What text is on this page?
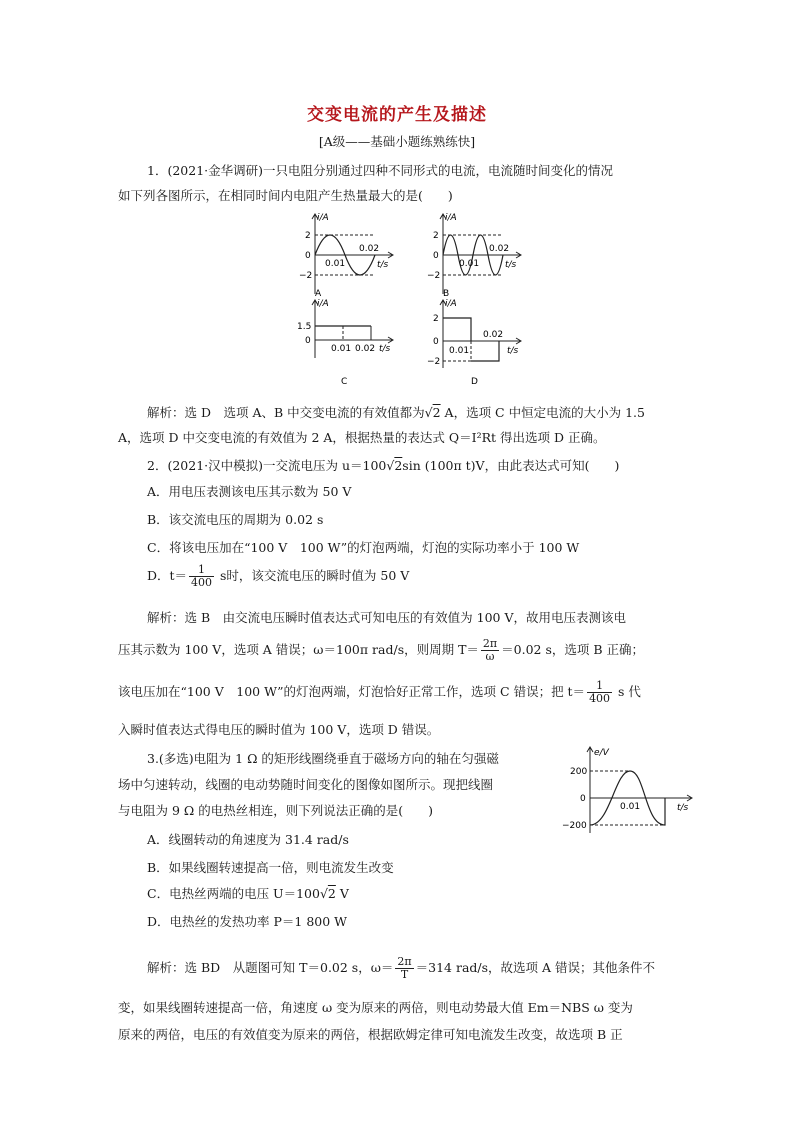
交变电流的产生及描述
[A级——基础小题练熟练快]
1．(2021·金华调研)一只电阻分别通过四种不同形式的电流，电流随时间变化的情况
如下列各图所示，在相同时间内电阻产生热量最大的是(　　)
i/A
2
0
−2
0.01
0.02
t/s
A
i/A
2
0
−2
0.01
0.02
t/s
B
i/A
1.5
0
0.01 0.02 t/s
C
i/A
2
0
−2
0.01
0.02
t/s
D
解析：选 D　选项 A、B 中交变电流的有效值都为√2 A，选项 C 中恒定电流的大小为 1.5
A，选项 D 中交变电流的有效值为 2 A，根据热量的表达式 Q＝I²Rt 得出选项 D 正确。
2．(2021·汉中模拟)一交流电压为 u＝100√2sin (100π t)V，由此表达式可知(　　)
A．用电压表测该电压其示数为 50 V
B．该交流电压的周期为 0.02 s
C．将该电压加在“100 V　100 W”的灯泡两端，灯泡的实际功率小于 100 W
D．$t= \frac{1}{400}$ s时，该交流电压的瞬时值为 50 V
解析：选 B　由交流电压瞬时值表达式可知电压的有效值为 100 V，故用电压表测该电
压其示数为 100 V，选项 A 错误；ω＝100π rad/s，则周期 $T= \frac{2\pi}{\omega} =0.02$ s，选项 B 正确；
该电压加在“100 V　100 W”的灯泡两端，灯泡恰好正常工作，选项 C 错误；把 $t= \frac{1}{400}$ s 代
入瞬时值表达式得电压的瞬时值为 100 V，选项 D 错误。
3.(多选)电阻为 1 Ω 的矩形线圈绕垂直于磁场方向的轴在匀强磁
场中匀速转动，线圈的电动势随时间变化的图像如图所示。现把线圈
与电阻为 9 Ω 的电热丝相连，则下列说法正确的是(　　)
A．线圈转动的角速度为 31.4 rad/s
B．如果线圈转速提高一倍，则电流发生改变
C．电热丝两端的电压 U＝100√2 V
D．电热丝的发热功率 P＝1 800 W
e/V
200
0
−200
0.01	t/s
解析：选 BD　从题图可知 T＝0.02 s，$\omega= \frac{2\pi}{T} =314$ rad/s，故选项 A 错误；其他条件不
变，如果线圈转速提高一倍，角速度 ω 变为原来的两倍，则电动势最大值 Em＝NBS ω 变为
原来的两倍，电压的有效值变为原来的两倍，根据欧姆定律可知电流发生改变，故选项 B 正
